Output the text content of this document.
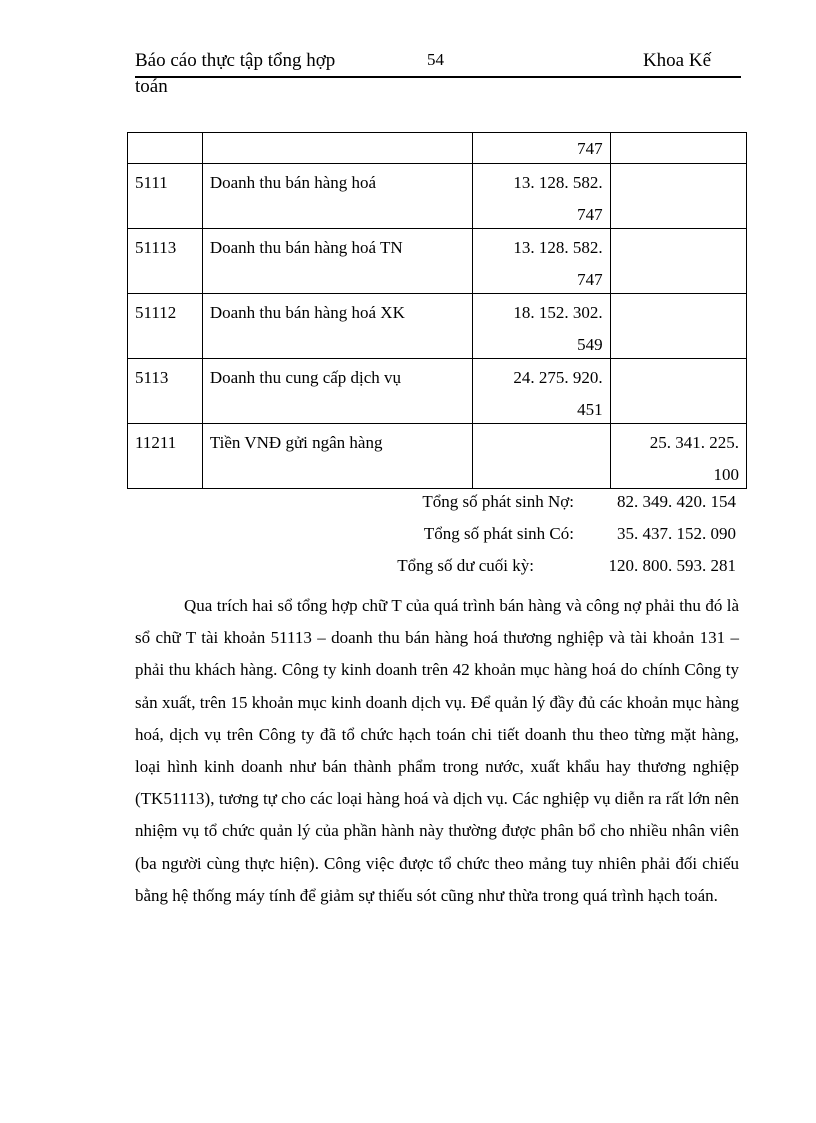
Báo cáo thực tập tổng hợp	54	Khoa Kế
toán

		747	

5111	Doanh thu bán hàng hoá	13. 128. 582.
747	

51113	Doanh thu bán hàng hoá TN	13. 128. 582.
747	

51112	Doanh thu bán hàng hoá XK	18. 152. 302.
549	

5113	Doanh thu cung cấp dịch vụ	24. 275. 920.
451	

11211	Tiền VNĐ gửi ngân hàng		25. 341. 225.
100
Tổng số phát sinh Nợ:	82. 349. 420. 154
Tổng số phát sinh Có:	35. 437. 152. 090
Tổng số dư cuối kỳ:	120. 800. 593. 281

Qua trích hai sổ tổng hợp chữ T của quá trình bán hàng và công nợ phải thu đó là sổ chữ T tài khoản 51113 – doanh thu bán hàng hoá thương nghiệp và tài khoản 131 – phải thu khách hàng. Công ty kinh doanh trên 42 khoản mục hàng hoá do chính Công ty sản xuất, trên 15 khoản mục kinh doanh dịch vụ. Để quản lý đầy đủ các khoản mục hàng hoá, dịch vụ trên Công ty đã tổ chức hạch toán chi tiết doanh thu theo từng mặt hàng, loại hình kinh doanh như bán thành phẩm trong nước, xuất khẩu hay thương nghiệp (TK51113), tương tự cho các loại hàng hoá và dịch vụ. Các nghiệp vụ diễn ra rất lớn nên nhiệm vụ tổ chức quản lý của phần hành này thường được phân bổ cho nhiều nhân viên (ba người cùng thực hiện). Công việc được tổ chức theo mảng tuy nhiên phải đối chiếu bằng hệ thống máy tính để giảm sự thiếu sót cũng như thừa trong quá trình hạch toán.
